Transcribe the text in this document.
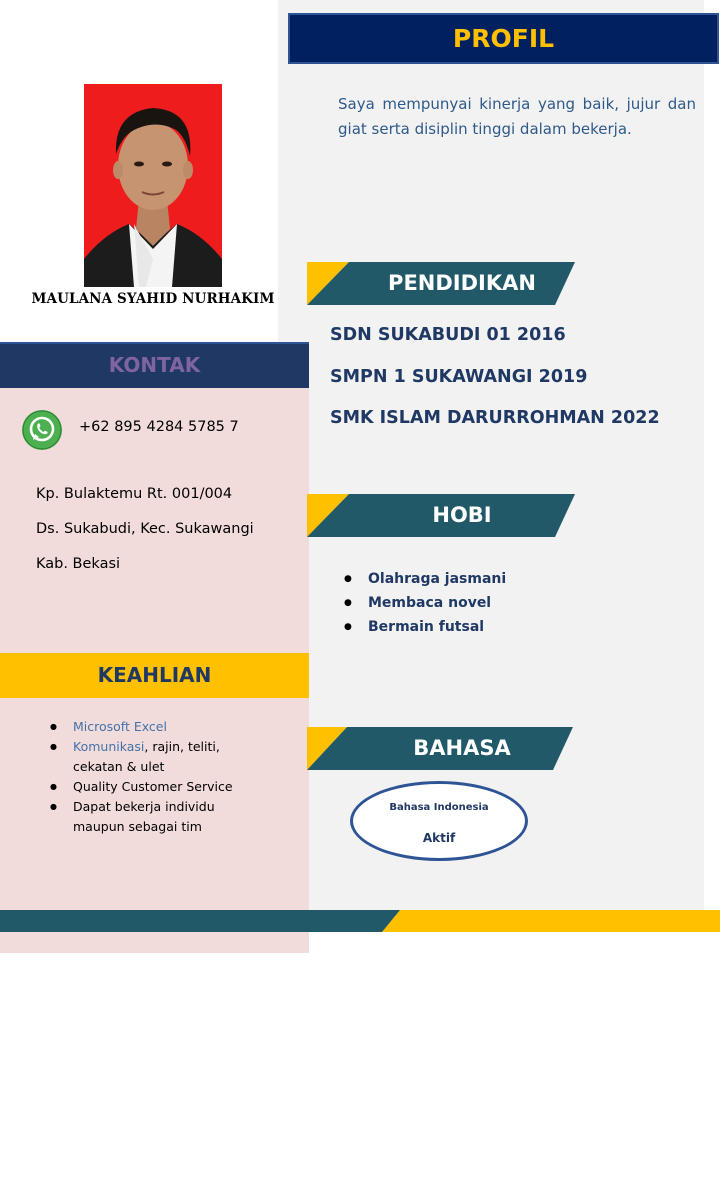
PROFIL
Saya mempunyai kinerja yang baik, jujur dan giat serta disiplin tinggi dalam bekerja.
MAULANA SYAHID NURHAKIM
KONTAK
+62 895 4284 5785 7
Kp. Bulaktemu Rt. 001/004
Ds. Sukabudi, Kec. Sukawangi
Kab. Bekasi
KEAHLIAN
● Microsoft Excel
● Komunikasi, rajin, teliti, cekatan & ulet
● Quality Customer Service
● Dapat bekerja individu maupun sebagai tim
PENDIDIKAN
SDN SUKABUDI 01 2016
SMPN 1 SUKAWANGI 2019
SMK ISLAM DARURROHMAN 2022
HOBI
● Olahraga jasmani
● Membaca novel
● Bermain futsal
BAHASA
Bahasa Indonesia
Aktif
